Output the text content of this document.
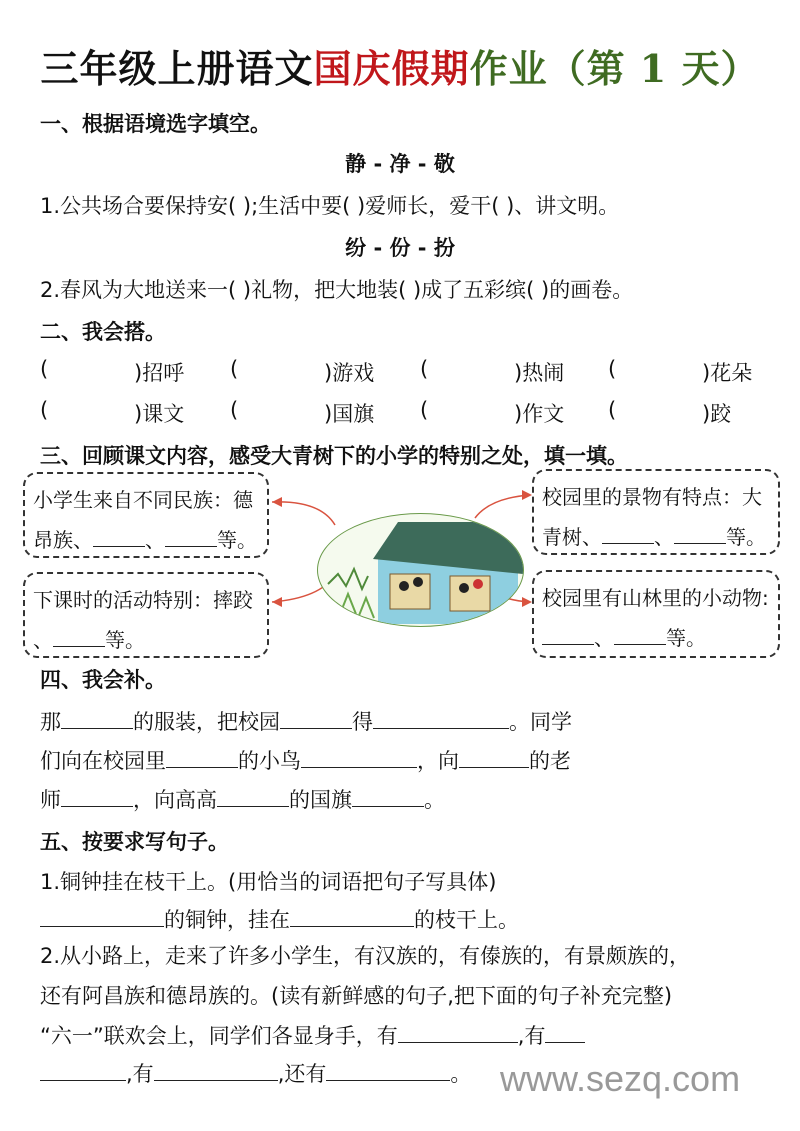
三年级上册语文国庆假期作业（第 1 天）
一、根据语境选字填空。
静 - 净 - 敬
1.公共场合要保持安( );生活中要( )爱师长，爱干( )、讲文明。
纷 - 份 - 扮
2.春风为大地送来一( )礼物，把大地装( )成了五彩缤( )的画卷。
二、我会搭。
(	)招呼 (	)游戏 (	)热闹 (	)花朵
(	)课文 (	)国旗 (	)作文 (	)跤
三、回顾课文内容，感受大青树下的小学的特别之处，填一填。
小学生来自不同民族：德
昂族、	、	等。
下课时的活动特别：摔跤
、	等。
校园里的景物有特点：大
青树、	、	等。
校园里有山林里的小动物:
、	等。
四、我会补。
那	的服装，把校园	得	。同学
们向在校园里	的小鸟	，向	的老
师	，向高高	的国旗	。
五、按要求写句子。
1.铜钟挂在枝干上。(用恰当的词语把句子写具体)
的铜钟，挂在	的枝干上。
2.从小路上，走来了许多小学生，有汉族的，有傣族的，有景颇族的，
还有阿昌族和德昂族的。(读有新鲜感的句子,把下面的句子补充完整)
“六一”联欢会上，同学们各显身手，有	,有
,有	,还有	。 www.sezq.com
